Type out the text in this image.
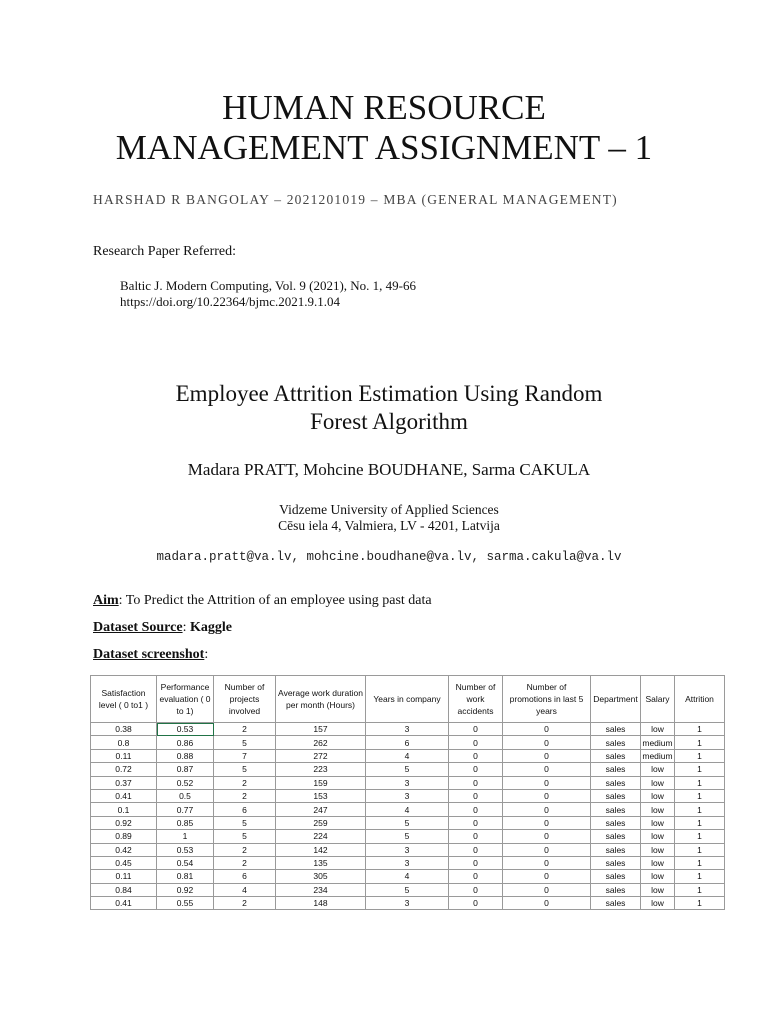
HUMAN RESOURCE
MANAGEMENT ASSIGNMENT – 1
HARSHAD R BANGOLAY – 2021201019 – MBA (GENERAL MANAGEMENT)
Research Paper Referred:
Baltic J. Modern Computing, Vol. 9 (2021), No. 1, 49-66
https://doi.org/10.22364/bjmc.2021.9.1.04
Employee Attrition Estimation Using Random
Forest Algorithm
Madara PRATT, Mohcine BOUDHANE, Sarma CAKULA
Vidzeme University of Applied Sciences
Cēsu iela 4, Valmiera, LV - 4201, Latvija
madara.pratt@va.lv, mohcine.boudhane@va.lv, sarma.cakula@va.lv
Aim: To Predict the Attrition of an employee using past data
Dataset Source: Kaggle
Dataset screenshot:
Satisfaction level ( 0 to1 )	Performance evaluation ( 0 to 1)	Number of projects involved	Average work duration per month (Hours)	Years in company	Number of work accidents	Number of promotions in last 5 years	Department	Salary	Attrition
0.38	0.53	2	157	3	0	0	sales	low	1
0.8	0.86	5	262	6	0	0	sales	medium	1
0.11	0.88	7	272	4	0	0	sales	medium	1
0.72	0.87	5	223	5	0	0	sales	low	1
0.37	0.52	2	159	3	0	0	sales	low	1
0.41	0.5	2	153	3	0	0	sales	low	1
0.1	0.77	6	247	4	0	0	sales	low	1
0.92	0.85	5	259	5	0	0	sales	low	1
0.89	1	5	224	5	0	0	sales	low	1
0.42	0.53	2	142	3	0	0	sales	low	1
0.45	0.54	2	135	3	0	0	sales	low	1
0.11	0.81	6	305	4	0	0	sales	low	1
0.84	0.92	4	234	5	0	0	sales	low	1
0.41	0.55	2	148	3	0	0	sales	low	1
